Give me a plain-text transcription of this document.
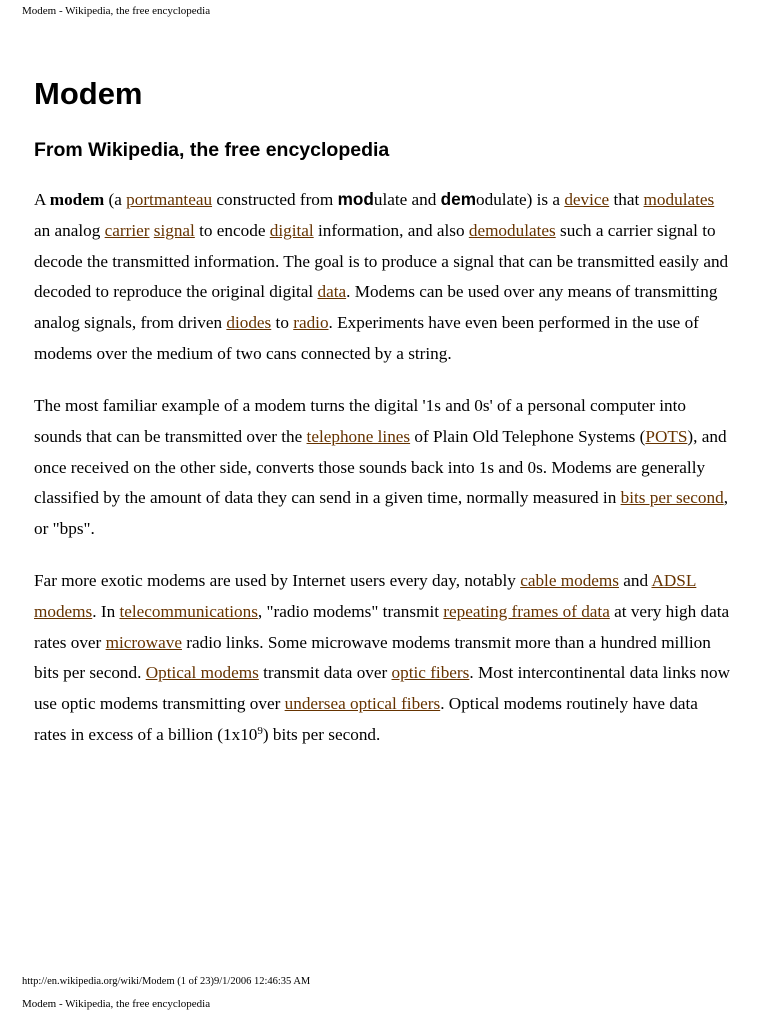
Modem - Wikipedia, the free encyclopedia
Modem
From Wikipedia, the free encyclopedia

A modem (a portmanteau constructed from modulate and demodulate) is a device that modulates an analog carrier signal to encode digital information, and also demodulates such a carrier signal to decode the transmitted information. The goal is to produce a signal that can be transmitted easily and decoded to reproduce the original digital data. Modems can be used over any means of transmitting analog signals, from driven diodes to radio. Experiments have even been performed in the use of modems over the medium of two cans connected by a string.

The most familiar example of a modem turns the digital '1s and 0s' of a personal computer into sounds that can be transmitted over the telephone lines of Plain Old Telephone Systems (POTS), and once received on the other side, converts those sounds back into 1s and 0s. Modems are generally classified by the amount of data they can send in a given time, normally measured in bits per second, or "bps".

Far more exotic modems are used by Internet users every day, notably cable modems and ADSL modems. In telecommunications, "radio modems" transmit repeating frames of data at very high data rates over microwave radio links. Some microwave modems transmit more than a hundred million bits per second. Optical modems transmit data over optic fibers. Most intercontinental data links now use optic modems transmitting over undersea optical fibers. Optical modems routinely have data rates in excess of a billion $(1x10^9)$ bits per second.

http://en.wikipedia.org/wiki/Modem (1 of 23)9/1/2006 12:46:35 AM
Modem - Wikipedia, the free encyclopedia
